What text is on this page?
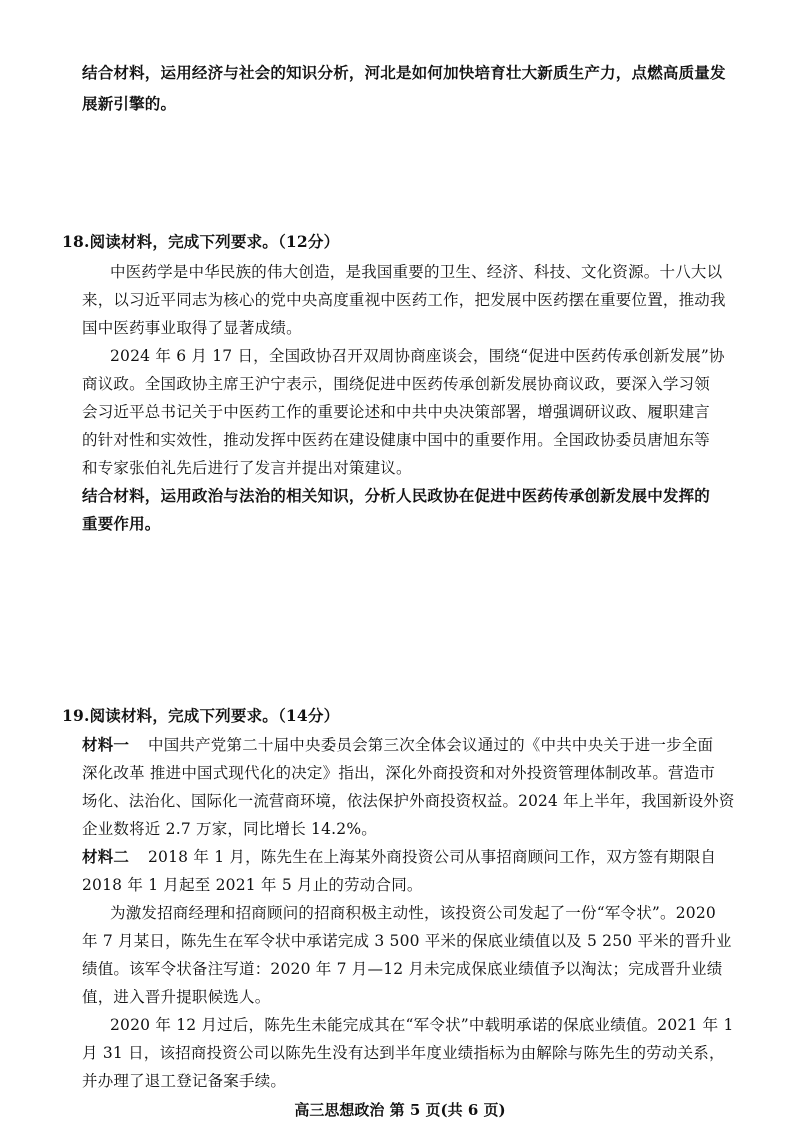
结合材料，运用经济与社会的知识分析，河北是如何加快培育壮大新质生产力，点燃高质量发
展新引擎的。
18.阅读材料，完成下列要求。（12分）
中医药学是中华民族的伟大创造，是我国重要的卫生、经济、科技、文化资源。十八大以
来，以习近平同志为核心的党中央高度重视中医药工作，把发展中医药摆在重要位置，推动我
国中医药事业取得了显著成绩。
2024 年 6 月 17 日，全国政协召开双周协商座谈会，围绕“促进中医药传承创新发展”协
商议政。全国政协主席王沪宁表示，围绕促进中医药传承创新发展协商议政，要深入学习领
会习近平总书记关于中医药工作的重要论述和中共中央决策部署，增强调研议政、履职建言
的针对性和实效性，推动发挥中医药在建设健康中国中的重要作用。全国政协委员唐旭东等
和专家张伯礼先后进行了发言并提出对策建议。
结合材料，运用政治与法治的相关知识，分析人民政协在促进中医药传承创新发展中发挥的
重要作用。
19.阅读材料，完成下列要求。（14分）
材料一 中国共产党第二十届中央委员会第三次全体会议通过的《中共中央关于进一步全面
深化改革 推进中国式现代化的决定》指出，深化外商投资和对外投资管理体制改革。营造市
场化、法治化、国际化一流营商环境，依法保护外商投资权益。2024 年上半年，我国新设外资
企业数将近 2.7 万家，同比增长 14.2%。
材料二 2018 年 1 月，陈先生在上海某外商投资公司从事招商顾问工作，双方签有期限自
2018 年 1 月起至 2021 年 5 月止的劳动合同。
为激发招商经理和招商顾问的招商积极主动性，该投资公司发起了一份“军令状”。2020
年 7 月某日，陈先生在军令状中承诺完成 3 500 平米的保底业绩值以及 5 250 平米的晋升业
绩值。该军令状备注写道：2020 年 7 月—12 月未完成保底业绩值予以淘汰；完成晋升业绩
值，进入晋升提职候选人。
2020 年 12 月过后，陈先生未能完成其在“军令状”中载明承诺的保底业绩值。2021 年 1
月 31 日，该招商投资公司以陈先生没有达到半年度业绩指标为由解除与陈先生的劳动关系，
并办理了退工登记备案手续。
高三思想政治 第 5 页(共 6 页)
